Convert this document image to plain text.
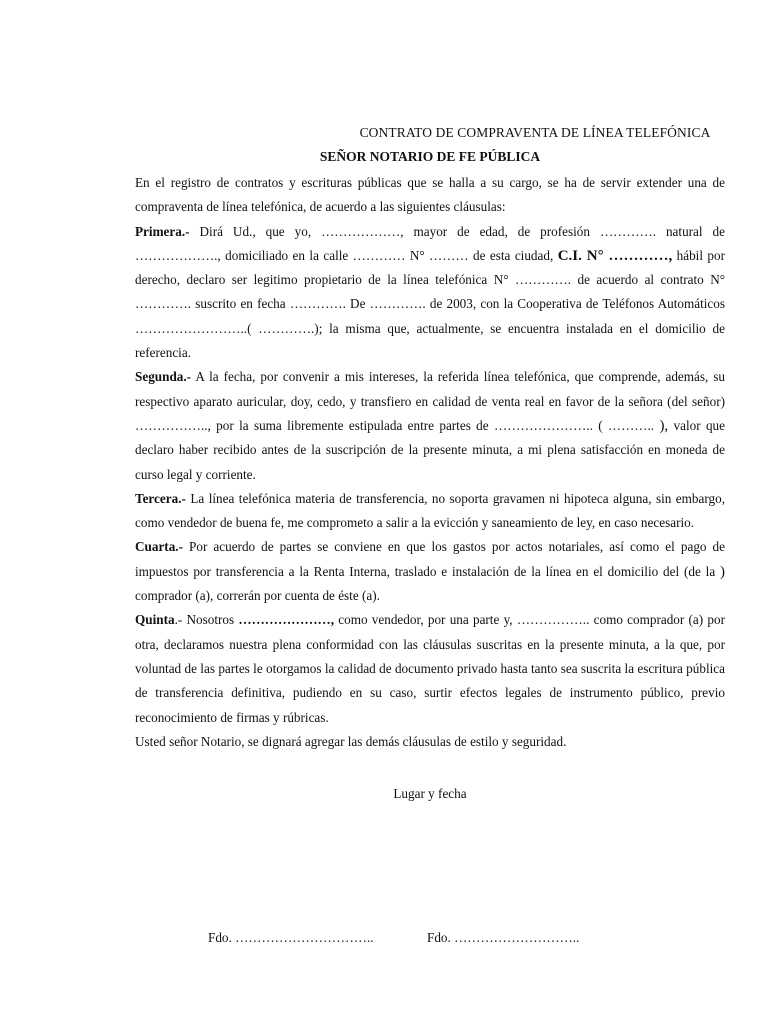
CONTRATO DE COMPRAVENTA DE LÍNEA TELEFÓNICA
SEÑOR NOTARIO DE FE PÚBLICA

En el registro de contratos y escrituras públicas que se halla a su cargo, se ha de servir extender una de compraventa de línea telefónica, de acuerdo a las siguientes cláusulas:

Primera.- Dirá Ud., que yo, ………………, mayor de edad, de profesión …………. natural de ………………., domiciliado en la calle ………… N° ……… de esta ciudad, C.I. N° …………, hábil por derecho, declaro ser legitimo propietario de la línea telefónica N° …………. de acuerdo al contrato N° …………. suscrito en fecha …………. De …………. de 2003, con la Cooperativa de Teléfonos Automáticos ……………………..( ………….); la misma que, actualmente, se encuentra instalada en el domicilio de referencia.

Segunda.- A la fecha, por convenir a mis intereses, la referida línea telefónica, que comprende, además, su respectivo aparato auricular, doy, cedo, y transfiero en calidad de venta real en favor de la señora (del señor) …………….., por la suma libremente estipulada entre partes de ………………….. ( ……….. ), valor que declaro haber recibido antes de la suscripción de la presente minuta, a mi plena satisfacción en moneda de curso legal y corriente.

Tercera.- La línea telefónica materia de transferencia, no soporta gravamen ni hipoteca alguna, sin embargo, como vendedor de buena fe, me comprometo a salir a la evicción y saneamiento de ley, en caso necesario.

Cuarta.- Por acuerdo de partes se conviene en que los gastos por actos notariales, así como el pago de impuestos por transferencia a la Renta Interna, traslado e instalación de la línea en el domicilio del (de la ) comprador (a), correrán por cuenta de éste (a).

Quinta.- Nosotros …………………, como vendedor, por una parte y, …………….. como comprador (a) por otra, declaramos nuestra plena conformidad con las cláusulas suscritas en la presente minuta, a la que, por voluntad de las partes le otorgamos la calidad de documento privado hasta tanto sea suscrita la escritura pública de transferencia definitiva, pudiendo en su caso, surtir efectos legales de instrumento público, previo reconocimiento de firmas y rúbricas.

Usted señor Notario, se dignará agregar las demás cláusulas de estilo y seguridad.

Lugar y fecha
Fdo. …………………………..	Fdo. ………………………..
